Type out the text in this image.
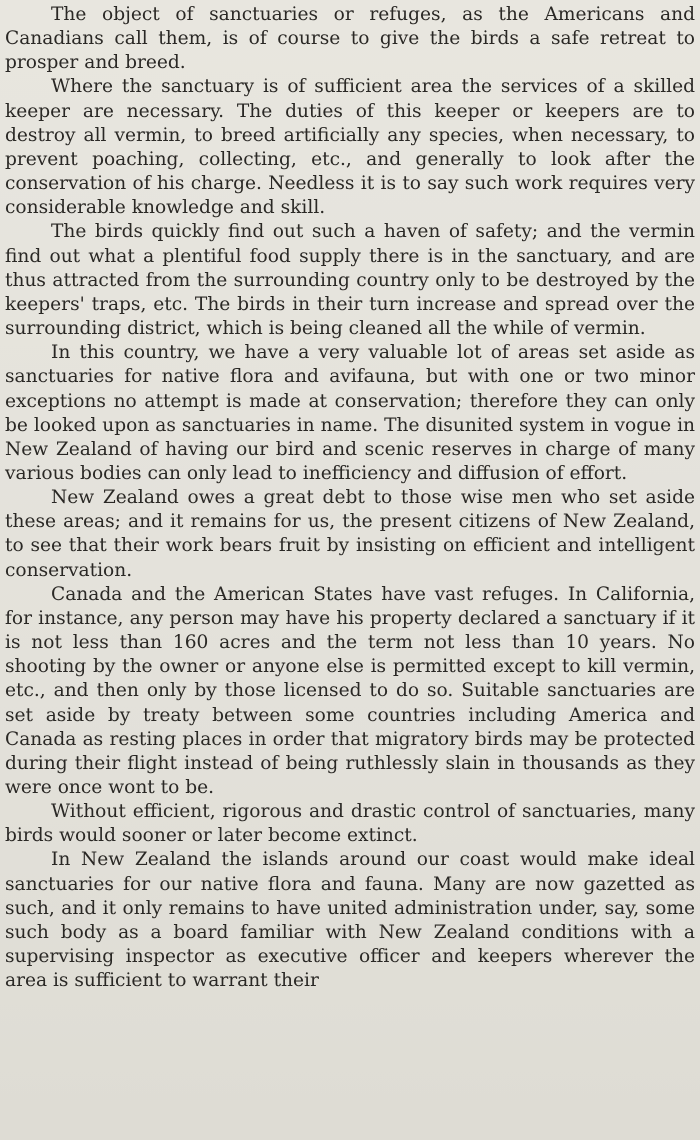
The object of sanctuaries or refuges, as the Americans and Canadians call them, is of course to give the birds a safe retreat to prosper and breed.

Where the sanctuary is of sufficient area the services of a skilled keeper are necessary. The duties of this keeper or keepers are to destroy all vermin, to breed artificially any species, when necessary, to prevent poaching, collecting, etc., and generally to look after the conservation of his charge. Needless it is to say such work requires very considerable knowledge and skill.

The birds quickly find out such a haven of safety; and the vermin find out what a plentiful food supply there is in the sanctuary, and are thus attracted from the surrounding country only to be destroyed by the keepers' traps, etc. The birds in their turn increase and spread over the surrounding district, which is being cleaned all the while of vermin.

In this country, we have a very valuable lot of areas set aside as sanctuaries for native flora and avifauna, but with one or two minor exceptions no attempt is made at conservation; therefore they can only be looked upon as sanctuaries in name. The disunited system in vogue in New Zealand of having our bird and scenic reserves in charge of many various bodies can only lead to inefficiency and diffusion of effort.

New Zealand owes a great debt to those wise men who set aside these areas; and it remains for us, the present citizens of New Zealand, to see that their work bears fruit by insisting on efficient and intelligent conservation.

Canada and the American States have vast refuges. In California, for instance, any person may have his property declared a sanctuary if it is not less than 160 acres and the term not less than 10 years. No shooting by the owner or anyone else is permitted except to kill vermin, etc., and then only by those licensed to do so. Suitable sanctuaries are set aside by treaty between some countries including America and Canada as resting places in order that migratory birds may be protected during their flight instead of being ruthlessly slain in thousands as they were once wont to be.

Without efficient, rigorous and drastic control of sanctuaries, many birds would sooner or later become extinct.

In New Zealand the islands around our coast would make ideal sanctuaries for our native flora and fauna. Many are now gazetted as such, and it only remains to have united administration under, say, some such body as a board familiar with New Zealand conditions with a supervising inspector as executive officer and keepers wherever the area is sufficient to warrant their
